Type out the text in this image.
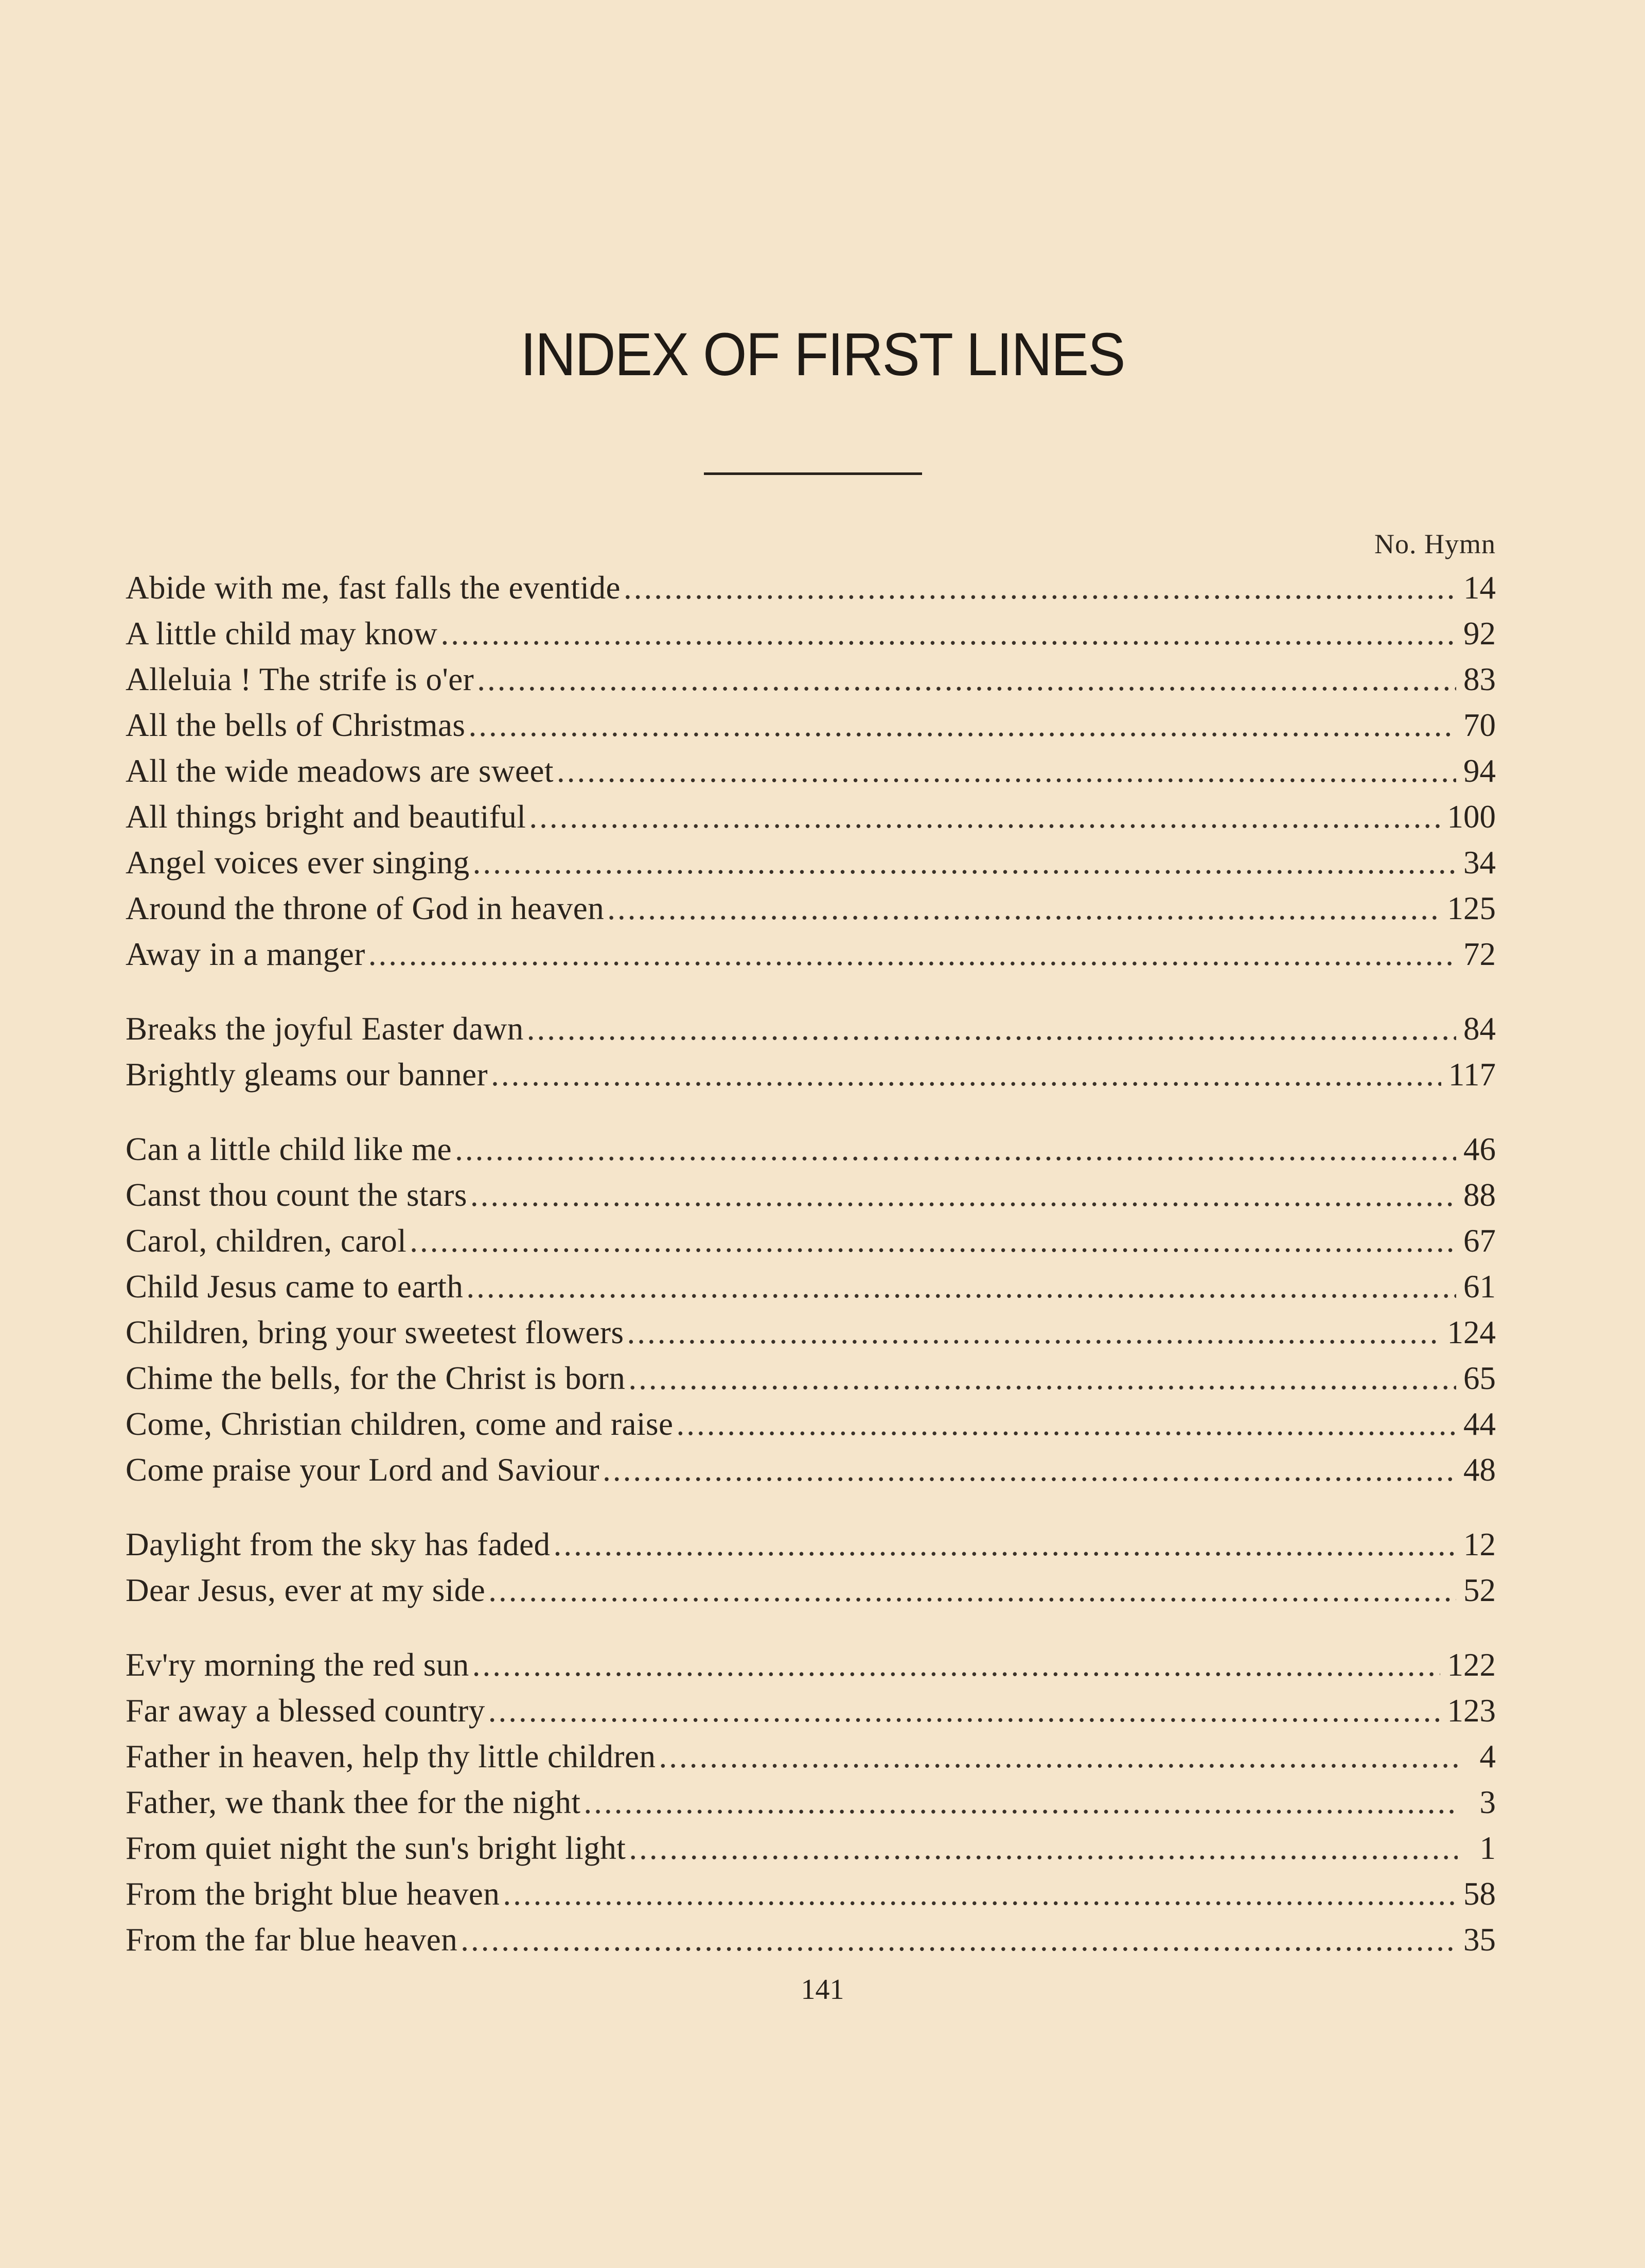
INDEX OF FIRST LINES
No. Hymn
Abide with me, fast falls the eventide .....	14
A little child may know .....	92
Alleluia ! The strife is o'er .....	83
All the bells of Christmas .....	70
All the wide meadows are sweet .....	94
All things bright and beautiful .....	100
Angel voices ever singing .....	34
Around the throne of God in heaven .....	125
Away in a manger .....	72
Breaks the joyful Easter dawn .....	84
Brightly gleams our banner .....	117
Can a little child like me .....	46
Canst thou count the stars .....	88
Carol, children, carol .....	67
Child Jesus came to earth .....	61
Children, bring your sweetest flowers .....	124
Chime the bells, for the Christ is born .....	65
Come, Christian children, come and raise .....	44
Come praise your Lord and Saviour .....	48
Daylight from the sky has faded .....	12
Dear Jesus, ever at my side .....	52
Ev'ry morning the red sun .....	122
Far away a blessed country .....	123
Father in heaven, help thy little children .....	4
Father, we thank thee for the night .....	3
From quiet night the sun's bright light .....	1
From the bright blue heaven .....	58
From the far blue heaven .....	35
141
